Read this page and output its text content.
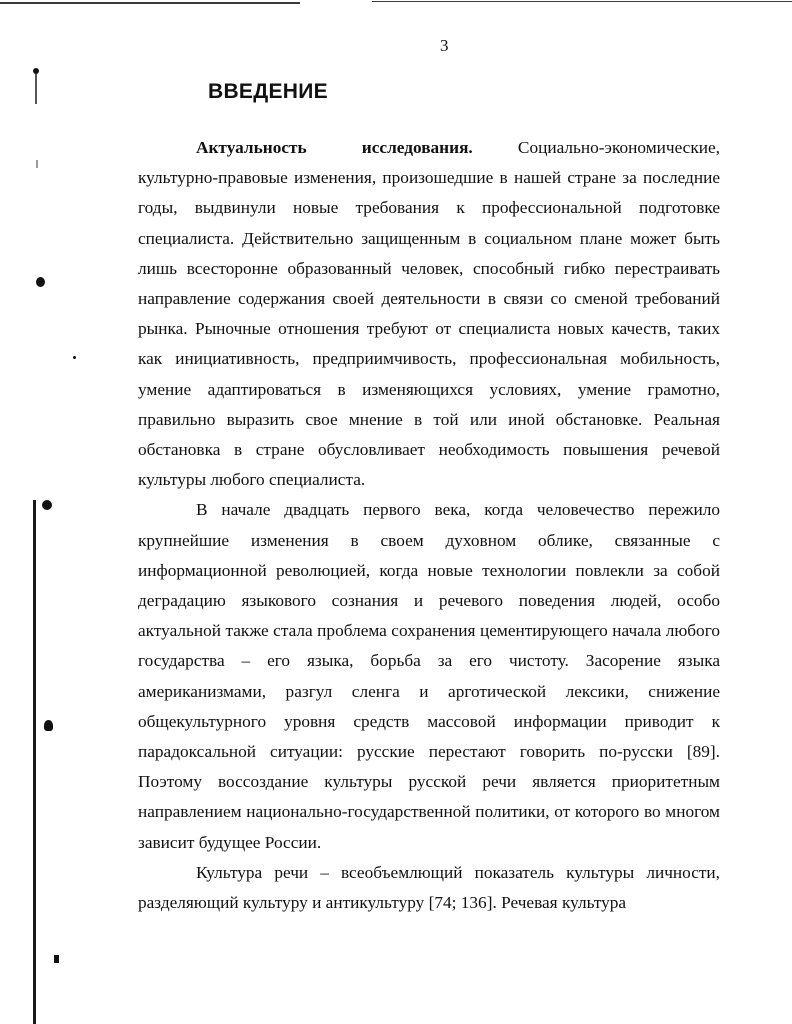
3
ВВЕДЕНИЕ

Актуальность исследования.	Социально-экономические, культурно-правовые изменения, произошедшие в нашей стране за последние годы, выдвинули новые требования к профессиональной подготовке специалиста. Действительно защищенным в социальном плане может быть лишь всесторонне образованный человек, способный гибко перестраивать направление содержания своей деятельности в связи со сменой требований рынка. Рыночные отношения требуют от специалиста новых качеств, таких как инициативность, предприимчивость, профессиональная мобильность, умение адаптироваться в изменяющихся условиях, умение грамотно, правильно выразить свое мнение в той или иной обстановке. Реальная обстановка в стране обусловливает необходимость повышения речевой культуры любого специалиста.

В начале двадцать первого века, когда человечество пережило крупнейшие изменения в своем духовном облике, связанные с информационной революцией, когда новые технологии повлекли за собой деградацию языкового сознания и речевого поведения людей, особо актуальной также стала проблема сохранения цементирующего начала любого государства – его языка, борьба за его чистоту. Засорение языка американизмами, разгул сленга и арготической лексики, снижение общекультурного уровня средств массовой информации приводит к парадоксальной ситуации: русские перестают говорить по-русски [89]. Поэтому воссоздание культуры русской речи является приоритетным направлением национально-государственной политики, от которого во многом зависит будущее России.

Культура речи – всеобъемлющий показатель культуры личности, разделяющий культуру и антикультуру [74; 136]. Речевая культура
